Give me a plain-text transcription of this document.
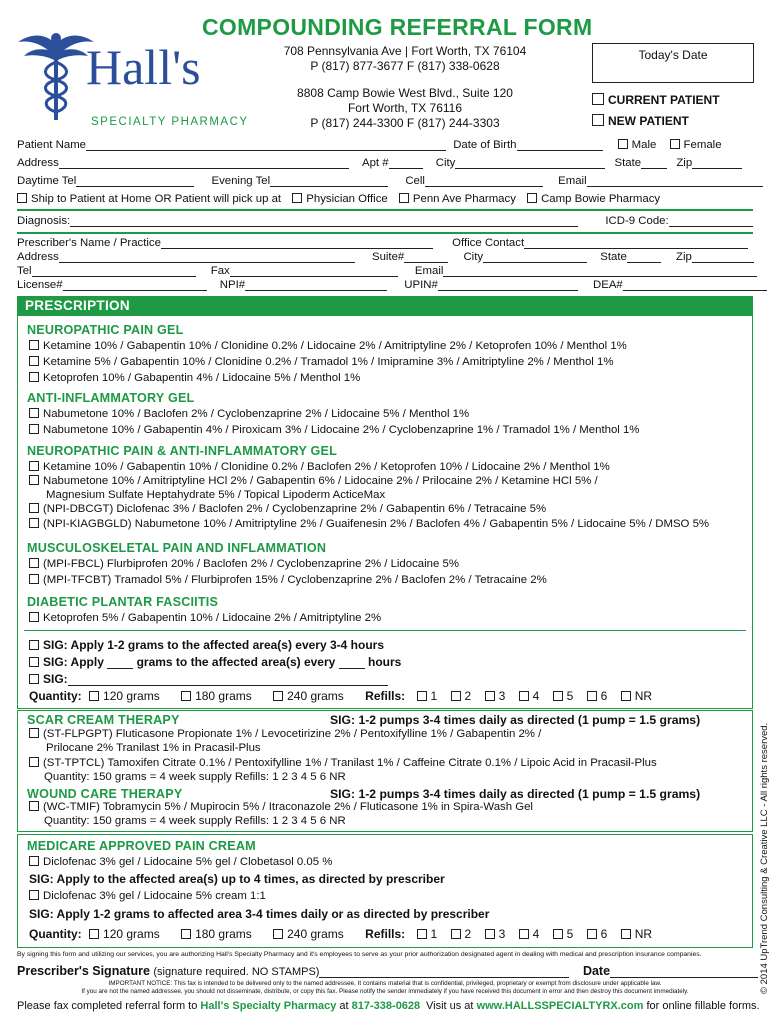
COMPOUNDING REFERRAL FORM
Hall's
SPECIALTY PHARMACY
708 Pennsylvania Ave | Fort Worth, TX 76104
P (817) 877-3677 F (817) 338-0628
8808 Camp Bowie West Blvd., Suite 120
Fort Worth, TX 76116
P (817) 244-3300 F (817) 244-3303
Today's Date
CURRENT PATIENT
NEW PATIENT
Patient Name	Date of Birth	Male Female
Address	Apt #	City	State	Zip
Daytime Tel	Evening Tel	Cell	Email
Ship to Patient at Home OR Patient will pick up at Physician Office Penn Ave Pharmacy Camp Bowie Pharmacy
Diagnosis:	ICD-9 Code:
Prescriber's Name / Practice	Office Contact
Address	Suite#	City	State	Zip
Tel	Fax	Email
License#	NPI#	UPIN#	DEA#
PRESCRIPTION
NEUROPATHIC PAIN GEL
Ketamine 10% / Gabapentin 10% / Clonidine 0.2% / Lidocaine 2% / Amitriptyline 2% / Ketoprofen 10% / Menthol 1%
Ketamine 5% / Gabapentin 10% / Clonidine 0.2% / Tramadol 1% / Imipramine 3% / Amitriptyline 2% / Menthol 1%
Ketoprofen 10% / Gabapentin 4% / Lidocaine 5% / Menthol 1%
ANTI-INFLAMMATORY GEL
Nabumetone 10% / Baclofen 2% / Cyclobenzaprine 2% / Lidocaine 5% / Menthol 1%
Nabumetone 10% / Gabapentin 4% / Piroxicam 3% / Lidocaine 2% / Cyclobenzaprine 1% / Tramadol 1% / Menthol 1%
NEUROPATHIC PAIN & ANTI-INFLAMMATORY GEL
Ketamine 10% / Gabapentin 10% / Clonidine 0.2% / Baclofen 2% / Ketoprofen 10% / Lidocaine 2% / Menthol 1%
Nabumetone 10% / Amitriptyline HCl 2% / Gabapentin 6% / Lidocaine 2% / Prilocaine 2% / Ketamine HCl 5% /
Magnesium Sulfate Heptahydrate 5% / Topical Lipoderm ActiceMax
(NPI-DBCGT) Diclofenac 3% / Baclofen 2% / Cyclobenzaprine 2% / Gabapentin 6% / Tetracaine 5%
(NPI-KIAGBGLD) Nabumetone 10% / Amitriptyline 2% / Guaifenesin 2% / Baclofen 4% / Gabapentin 5% / Lidocaine 5% / DMSO 5%
MUSCULOSKELETAL PAIN AND INFLAMMATION
(MPI-FBCL) Flurbiprofen 20% / Baclofen 2% / Cyclobenzaprine 2% / Lidocaine 5%
(MPI-TFCBT) Tramadol 5% / Flurbiprofen 15% / Cyclobenzaprine 2% / Baclofen 2% / Tetracaine 2%
DIABETIC PLANTAR FASCIITIS
Ketoprofen 5% / Gabapentin 10% / Lidocaine 2% / Amitriptyline 2%
SIG: Apply 1-2 grams to the affected area(s) every 3-4 hours
SIG: Apply	grams to the affected area(s) every	hours
SIG:
Quantity: 120 grams	180 grams	240 grams Refills: 1 2 3 4 5 6 NR
SCAR CREAM THERAPY	SIG: 1-2 pumps 3-4 times daily as directed (1 pump = 1.5 grams)
(ST-FLPGPT) Fluticasone Propionate 1% / Levocetirizine 2% / Pentoxifylline 1% / Gabapentin 2% /
Prilocane 2% Tranilast 1% in Pracasil-Plus
(ST-TPTCL) Tamoxifen Citrate 0.1% / Pentoxifylline 1% / Tranilast 1% / Caffeine Citrate 0.1% / Lipoic Acid in Pracasil-Plus
Quantity: 150 grams = 4 week supply Refills: 1 2 3 4 5 6 NR
WOUND CARE THERAPY	SIG: 1-2 pumps 3-4 times daily as directed (1 pump = 1.5 grams)
(WC-TMIF) Tobramycin 5% / Mupirocin 5% / Itraconazole 2% / Fluticasone 1% in Spira-Wash Gel
Quantity: 150 grams = 4 week supply Refills: 1 2 3 4 5 6 NR
MEDICARE APPROVED PAIN CREAM
Diclofenac 3% gel / Lidocaine 5% gel / Clobetasol 0.05 %
SIG: Apply to the affected area(s) up to 4 times, as directed by prescriber
Diclofenac 3% gel / Lidocaine 5% cream 1:1
SIG: Apply 1-2 grams to affected area 3-4 times daily or as directed by prescriber
Quantity: 120 grams	180 grams	240 grams Refills: 1 2 3 4 5 6 NR	© 2014 UpTrend Consulting & Creative LLC - All rights reserved.
By signing this form and utilizing our services, you are authorizing Hall's Specialty Pharmacy and it's employees to serve as your prior authorization designated agent in dealing with medical and prescription insurance companies.
Prescriber's Signature (signature required. NO STAMPS)	Date
IMPORTANT NOTICE: This fax is intended to be delivered only to the named addressee. It contains material that is confidential, privileged, proprietary or exempt from disclosure under applicable law.
If you are not the named addressee, you should not disseminate, distribute, or copy this fax. Please notify the sender immediately if you have received this document in error and then destroy this document immediately.
Please fax completed referral form to Hall's Specialty Pharmacy at 817-338-0628 Visit us at www.HALLSSPECIALTYRX.com for online fillable forms.
